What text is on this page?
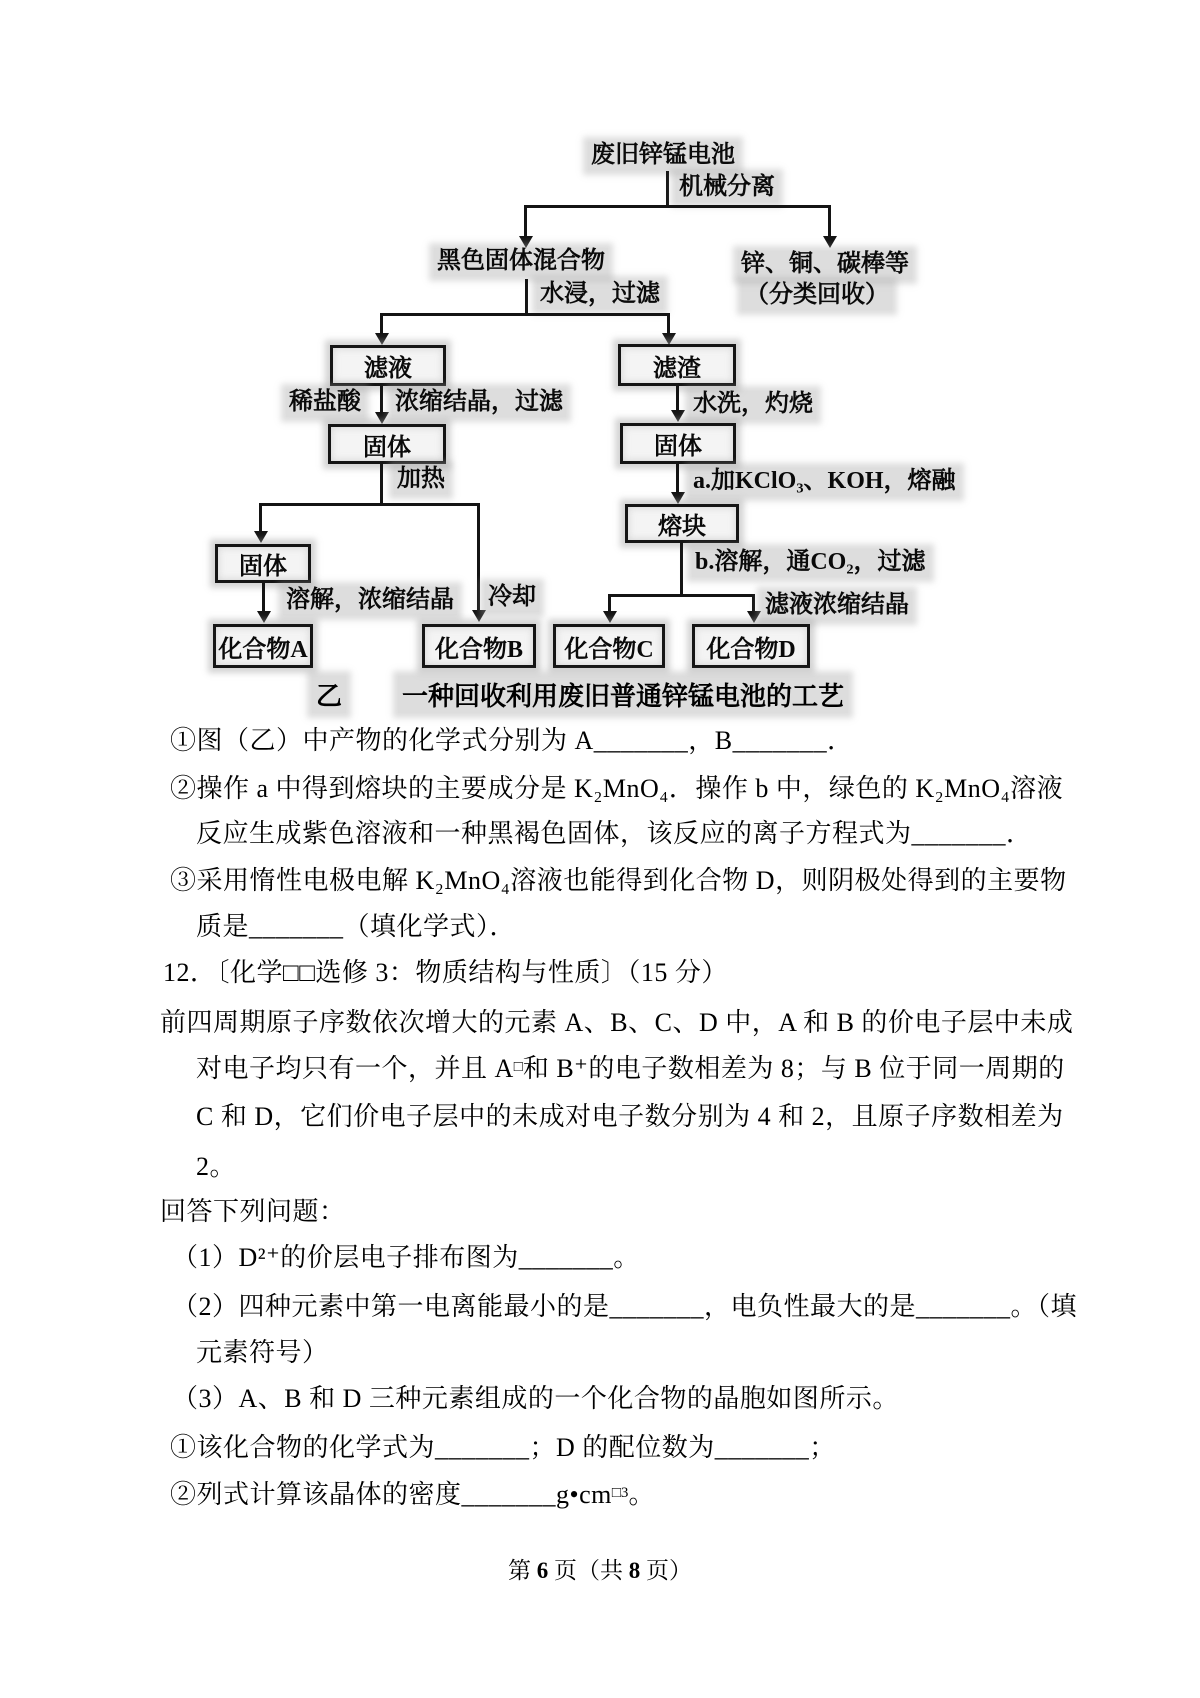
废旧锌锰电池
机械分离
黑色固体混合物	锌、铜、碳棒等
（分类回收）
水浸，过滤
滤液	滤渣
稀盐酸 浓缩结晶，过滤	水洗，灼烧
固体	固体
加热
固体
溶解，浓缩结晶 冷却
a.加KClO₃、KOH，熔融
熔块
b.溶解，通CO₂，过滤
滤液浓缩结晶
化合物A	化合物B	化合物C	化合物D
乙 一种回收利用废旧普通锌锰电池的工艺

①图（乙）中产物的化学式分别为 A_______，B_______．

②操作 a 中得到熔块的主要成分是 K₂MnO₄．操作 b 中，绿色的 K₂MnO₄溶液

反应生成紫色溶液和一种黑褐色固体，该反应的离子方程式为_______．

③采用惰性电极电解 K₂MnO₄溶液也能得到化合物 D，则阴极处得到的主要物

质是_______（填化学式）．

12．〔化学□□选修 3：物质结构与性质〕（15 分）

前四周期原子序数依次增大的元素 A、B、C、D 中，A 和 B 的价电子层中未成

对电子均只有一个，并且 A□和 B⁺的电子数相差为 8；与 B 位于同一周期的

C 和 D，它们价电子层中的未成对电子数分别为 4 和 2，且原子序数相差为

2。

回答下列问题：

（1）D²⁺的价层电子排布图为_______。

（2）四种元素中第一电离能最小的是_______，电负性最大的是_______。（填

元素符号）

（3）A、B 和 D 三种元素组成的一个化合物的晶胞如图所示。

①该化合物的化学式为_______；D 的配位数为_______；

②列式计算该晶体的密度$\_\_\_\_\_\_\_g•cm^{□3}$。

第 6 页（共 8 页）
